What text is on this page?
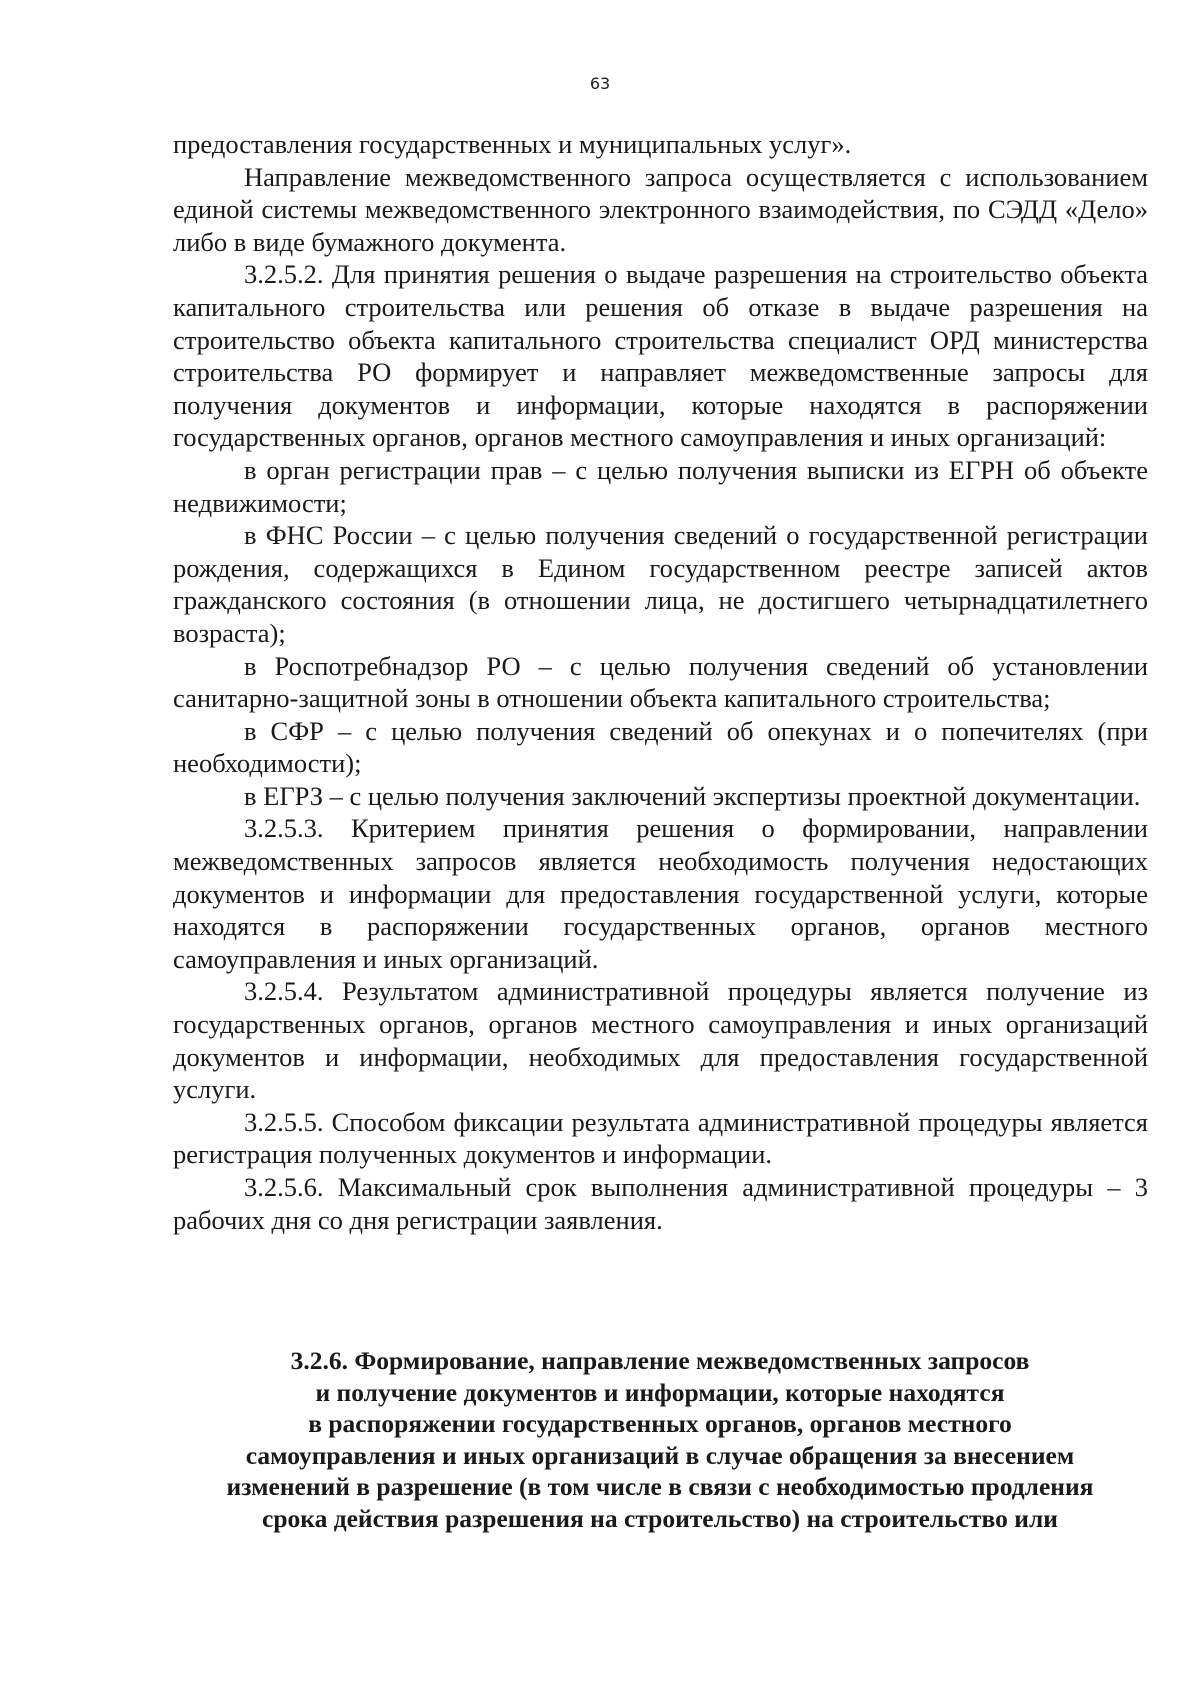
63

предоставления государственных и муниципальных услуг».

Направление межведомственного запроса осуществляется с использованием единой системы межведомственного электронного взаимодействия, по СЭДД «Дело» либо в виде бумажного документа.

3.2.5.2. Для принятия решения о выдаче разрешения на строительство объекта капитального строительства или решения об отказе в выдаче разрешения на строительство объекта капитального строительства специалист ОРД министерства строительства РО формирует и направляет межведомственные запросы для получения документов и информации, которые находятся в распоряжении государственных органов, органов местного самоуправления и иных организаций:

в орган регистрации прав – с целью получения выписки из ЕГРН об объекте недвижимости;

в ФНС России – с целью получения сведений о государственной регистрации рождения, содержащихся в Едином государственном реестре записей актов гражданского состояния (в отношении лица, не достигшего четырнадцатилетнего возраста);

в Роспотребнадзор РО – с целью получения сведений об установлении санитарно-защитной зоны в отношении объекта капитального строительства;

в СФР – с целью получения сведений об опекунах и о попечителях (при необходимости);

в ЕГРЗ – с целью получения заключений экспертизы проектной документации.

3.2.5.3. Критерием принятия решения о формировании, направлении межведомственных запросов является необходимость получения недостающих документов и информации для предоставления государственной услуги, которые находятся в распоряжении государственных органов, органов местного самоуправления и иных организаций.

3.2.5.4. Результатом административной процедуры является получение из государственных органов, органов местного самоуправления и иных организаций документов и информации, необходимых для предоставления государственной услуги.

3.2.5.5. Способом фиксации результата административной процедуры является регистрация полученных документов и информации.

3.2.5.6. Максимальный срок выполнения административной процедуры – 3 рабочих дня со дня регистрации заявления.

3.2.6. Формирование, направление межведомственных запросов
и получение документов и информации, которые находятся
в распоряжении государственных органов, органов местного
самоуправления и иных организаций в случае обращения за внесением
изменений в разрешение (в том числе в связи с необходимостью продления
срока действия разрешения на строительство) на строительство или
